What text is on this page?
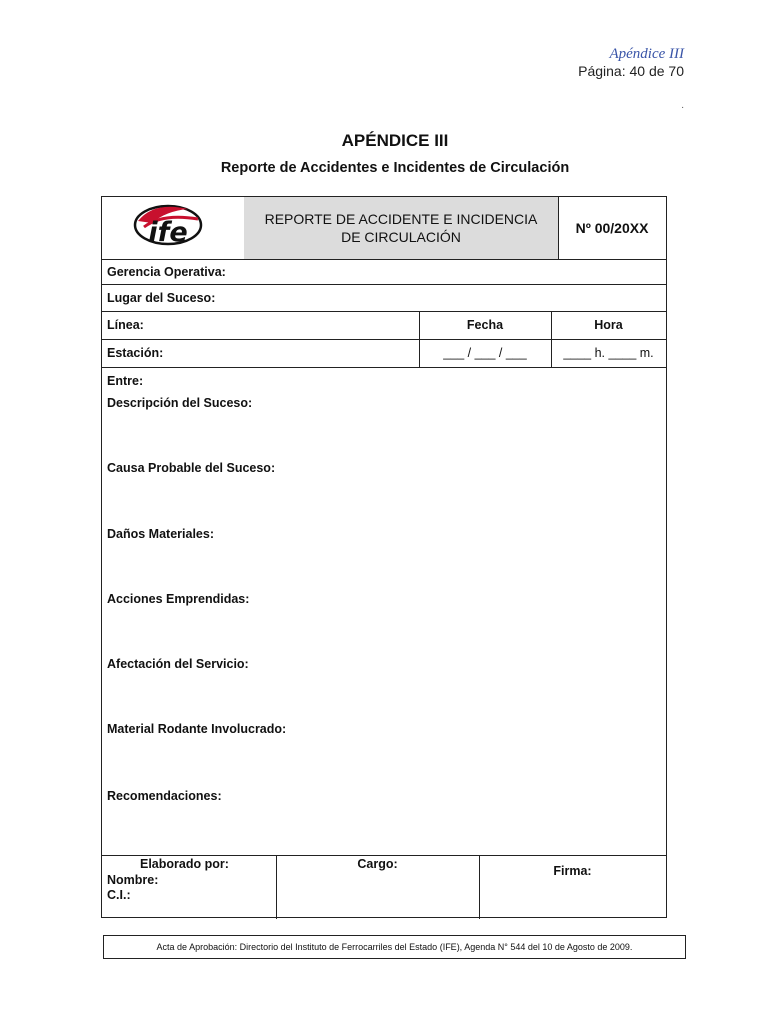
Apéndice III
Página: 40 de 70
.
APÉNDICE III
Reporte de Accidentes e Incidentes de Circulación
ife	REPORTE DE ACCIDENTE E INCIDENCIA
DE CIRCULACIÓN
Nº 00/20XX
Gerencia Operativa:
Lugar del Suceso:
Línea:	Fecha	Hora
Estación:	___ / ___ / ___	____ h. ____ m.
Entre:
Descripción del Suceso:
Causa Probable del Suceso:
Daños Materiales:
Acciones Emprendidas:
Afectación del Servicio:
Material Rodante Involucrado:
Recomendaciones:
Elaborado por:
Nombre:
C.I.:
Cargo:	Firma:
Acta de Aprobación: Directorio del Instituto de Ferrocarriles del Estado (IFE), Agenda N° 544 del 10 de Agosto de 2009.
